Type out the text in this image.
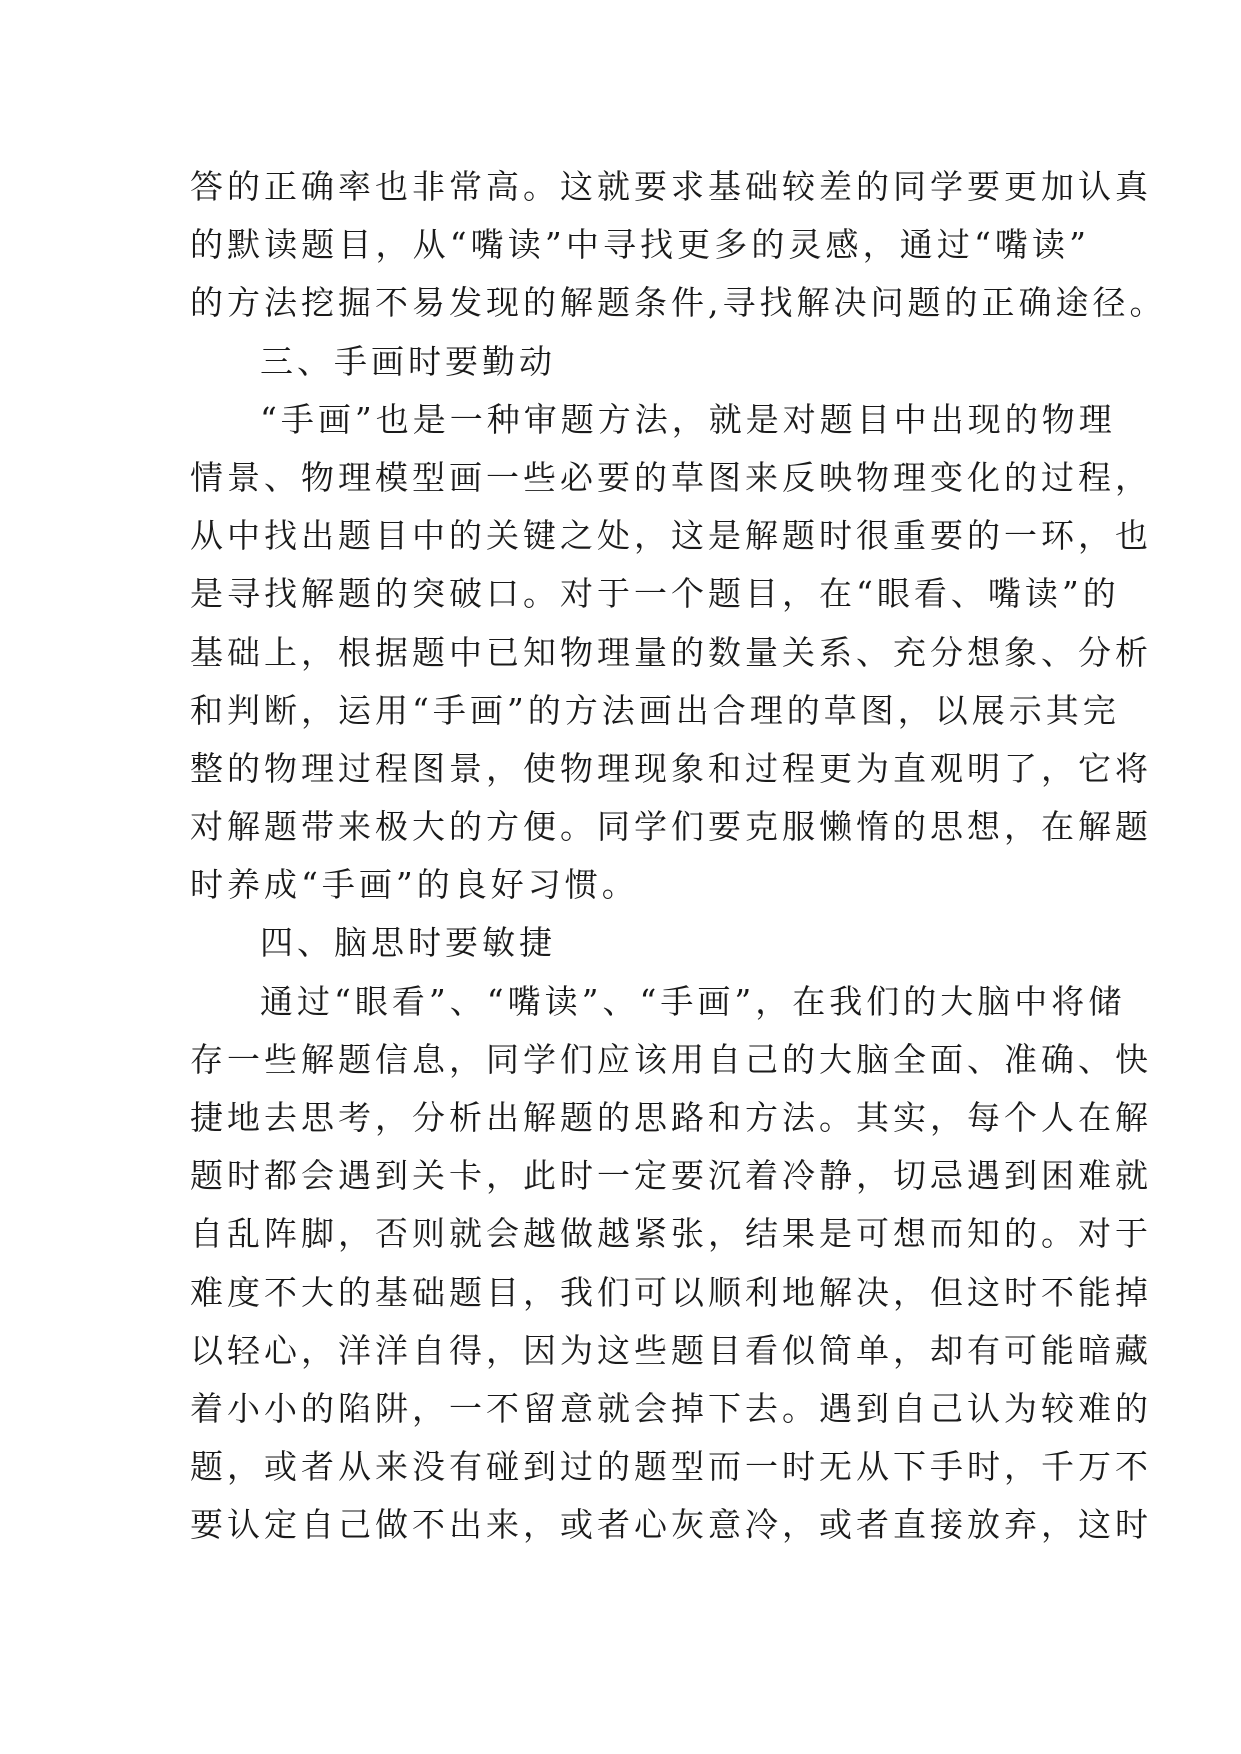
答的正确率也非常高。这就要求基础较差的同学要更加认真
的默读题目，从“嘴读”中寻找更多的灵感，通过“嘴读”
的方法挖掘不易发现的解题条件,寻找解决问题的正确途径。
三、手画时要勤动
“手画”也是一种审题方法，就是对题目中出现的物理
情景、物理模型画一些必要的草图来反映物理变化的过程，
从中找出题目中的关键之处，这是解题时很重要的一环，也
是寻找解题的突破口。对于一个题目，在“眼看、嘴读”的
基础上，根据题中已知物理量的数量关系、充分想象、分析
和判断，运用“手画”的方法画出合理的草图，以展示其完
整的物理过程图景，使物理现象和过程更为直观明了，它将
对解题带来极大的方便。同学们要克服懒惰的思想，在解题
时养成“手画”的良好习惯。
四、脑思时要敏捷
通过“眼看”、“嘴读”、“手画”，在我们的大脑中将储
存一些解题信息，同学们应该用自己的大脑全面、准确、快
捷地去思考，分析出解题的思路和方法。其实，每个人在解
题时都会遇到关卡，此时一定要沉着冷静，切忌遇到困难就
自乱阵脚，否则就会越做越紧张，结果是可想而知的。对于
难度不大的基础题目，我们可以顺利地解决，但这时不能掉
以轻心，洋洋自得，因为这些题目看似简单，却有可能暗藏
着小小的陷阱，一不留意就会掉下去。遇到自己认为较难的
题，或者从来没有碰到过的题型而一时无从下手时，千万不
要认定自己做不出来，或者心灰意冷，或者直接放弃，这时
